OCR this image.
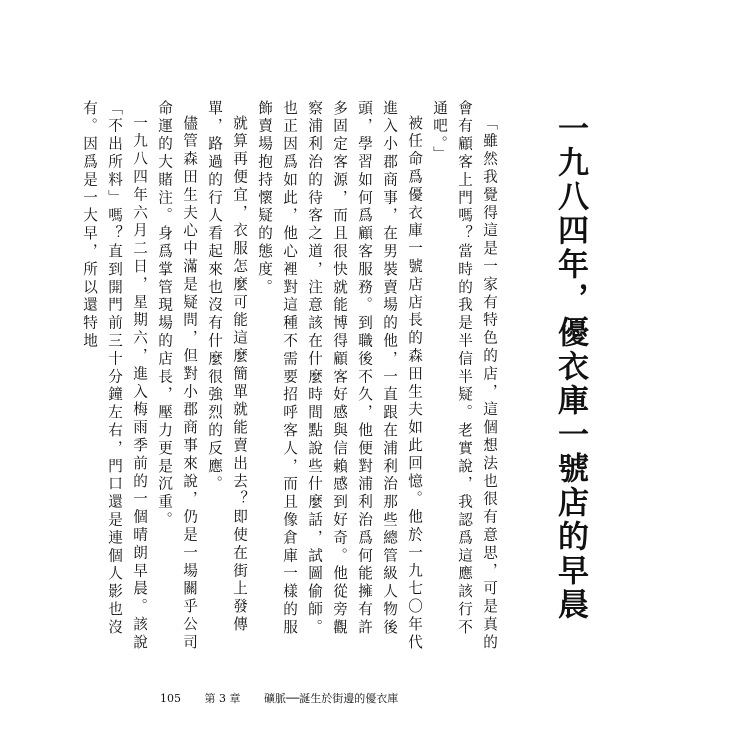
一九八四年，優衣庫一號店的早晨

「雖然我覺得這是一家有特色的店，這個想法也很有意思，可是真的會有顧客上門嗎？當時的我是半信半疑。老實說，我認爲這應該行不通吧。」

被任命爲優衣庫一號店店長的森田生夫如此回憶。他於一九七〇年代進入小郡商事，在男裝賣場的他，一直跟在浦利治那些總管級人物後頭，學習如何爲顧客服務。到職後不久，他便對浦利治爲何能擁有許多固定客源，而且很快就能博得顧客好感與信賴感到好奇。他從旁觀察浦利治的待客之道，注意該在什麼時間點說些什麼話，試圖偷師。也正因爲如此，他心裡對這種不需要招呼客人，而且像倉庫一樣的服飾賣場抱持懷疑的態度。

就算再便宜，衣服怎麼可能這麼簡單就能賣出去？即使在街上發傳單，路過的行人看起來也沒有什麼很強烈的反應。

儘管森田生夫心中滿是疑問，但對小郡商事來說，仍是一場關乎公司命運的大賭注。身爲掌管現場的店長，壓力更是沉重。

一九八四年六月二日，星期六，進入梅雨季前的一個晴朗早晨。該說「不出所料」嗎？直到開門前三十分鐘左右，門口還是連個人影也沒有。因爲是一大早，所以還特地

105 第 3 章 礦脈──誕生於街邊的優衣庫
